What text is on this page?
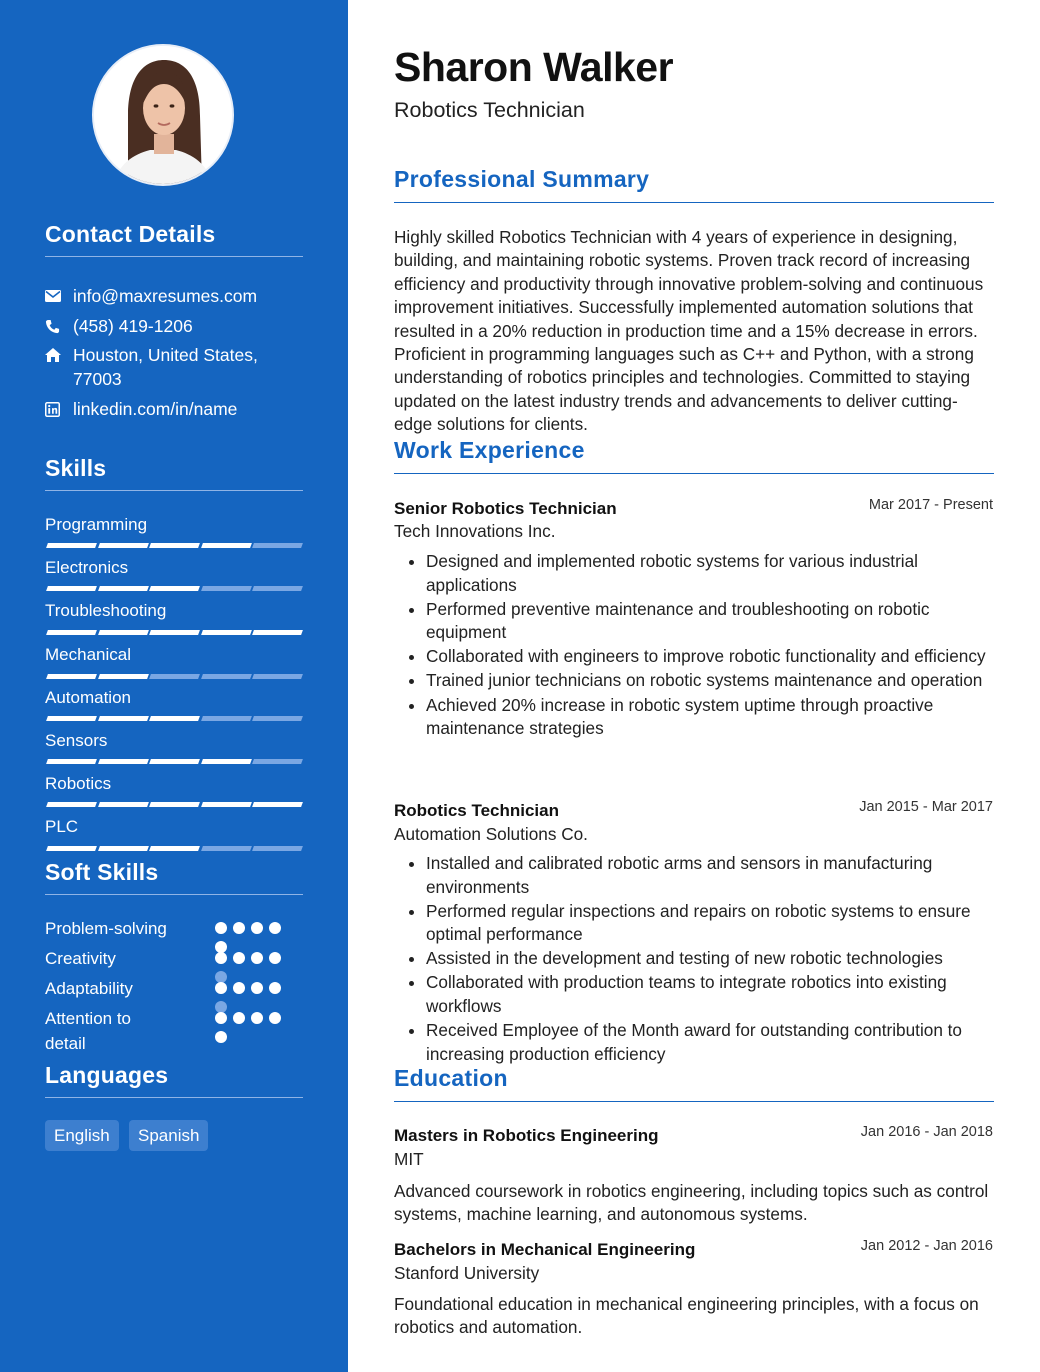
Contact Details
info@maxresumes.com
(458) 419-1206
Houston, United States, 77003
linkedin.com/in/name
Skills
Programming
Electronics
Troubleshooting
Mechanical
Automation
Sensors
Robotics
PLC
Soft Skills
Problem-solving
Creativity
Adaptability
Attention to detail
Languages
English	Spanish
Sharon Walker
Robotics Technician
Professional Summary
Highly skilled Robotics Technician with 4 years of experience in designing, building, and maintaining robotic systems. Proven track record of increasing efficiency and productivity through innovative problem-solving and continuous improvement initiatives. Successfully implemented automation solutions that resulted in a 20% reduction in production time and a 15% decrease in errors. Proficient in programming languages such as C++ and Python, with a strong understanding of robotics principles and technologies. Committed to staying updated on the latest industry trends and advancements to deliver cutting-edge solutions for clients.
Work Experience
Senior Robotics Technician	Mar 2017 - Present
Tech Innovations Inc.
• Designed and implemented robotic systems for various industrial applications
• Performed preventive maintenance and troubleshooting on robotic equipment
• Collaborated with engineers to improve robotic functionality and efficiency
• Trained junior technicians on robotic systems maintenance and operation
• Achieved 20% increase in robotic system uptime through proactive maintenance strategies
Robotics Technician	Jan 2015 - Mar 2017
Automation Solutions Co.
• Installed and calibrated robotic arms and sensors in manufacturing environments
• Performed regular inspections and repairs on robotic systems to ensure optimal performance
• Assisted in the development and testing of new robotic technologies
• Collaborated with production teams to integrate robotics into existing workflows
• Received Employee of the Month award for outstanding contribution to increasing production efficiency
Education
Masters in Robotics Engineering	Jan 2016 - Jan 2018
MIT
Advanced coursework in robotics engineering, including topics such as control systems, machine learning, and autonomous systems.
Bachelors in Mechanical Engineering	Jan 2012 - Jan 2016
Stanford University
Foundational education in mechanical engineering principles, with a focus on robotics and automation.
